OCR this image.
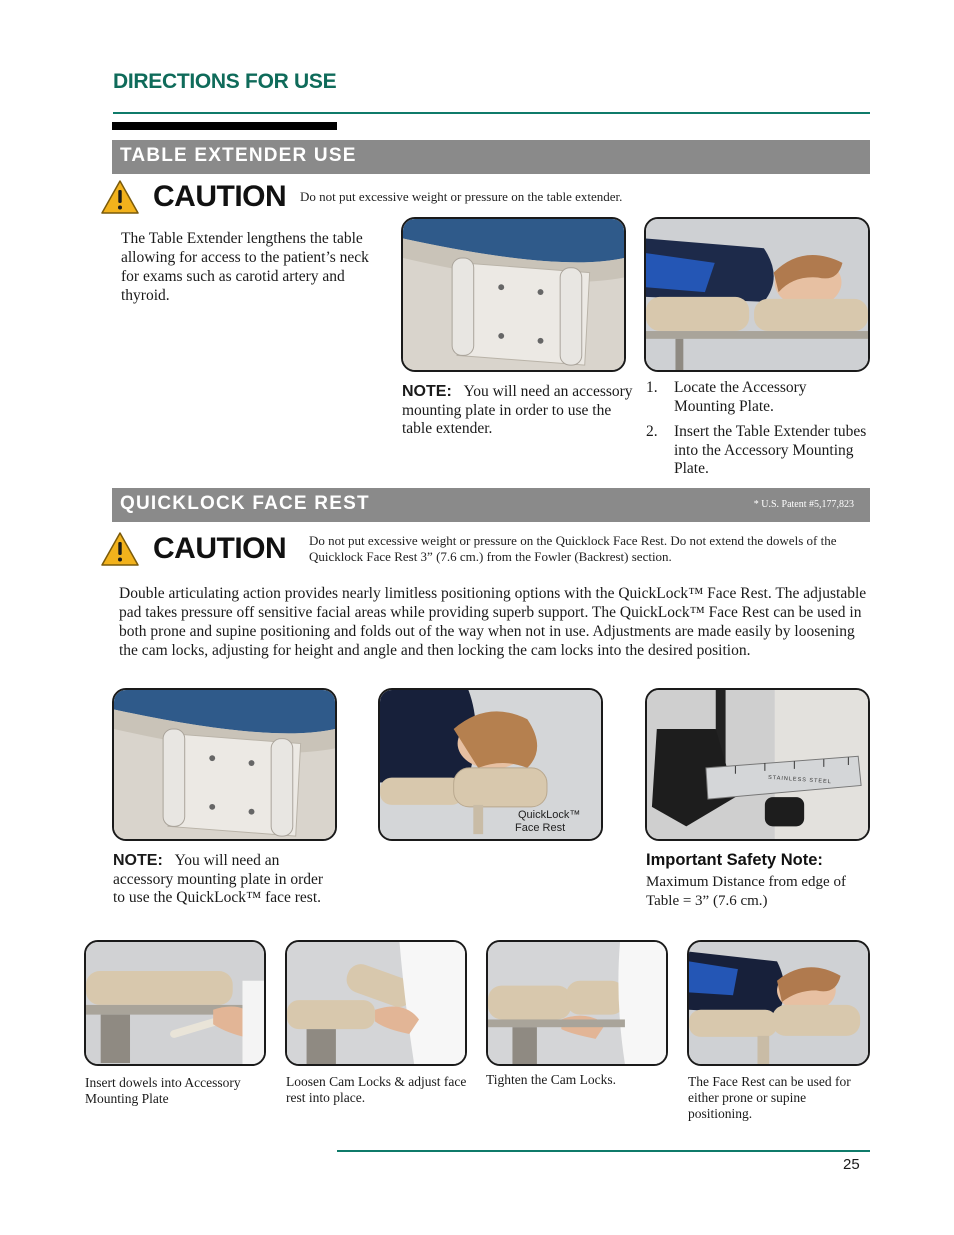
DIRECTIONS FOR USE
TABLE EXTENDER USE
CAUTION Do not put excessive weight or pressure on the table extender.
The Table Extender lengthens the table allowing for access to the patient’s neck for exams such as carotid artery and thyroid.
NOTE: You will need an accessory mounting plate in order to use the table extender.
1. Locate the Accessory Mounting Plate.
2. Insert the Table Extender tubes into the Accessory Mounting Plate.
QUICKLOCK FACE REST	* U.S. Patent #5,177,823
CAUTION Do not put excessive weight or pressure on the Quicklock Face Rest. Do not extend the dowels of the Quicklock Face Rest 3” (7.6 cm.) from the Fowler (Backrest) section.
Double articulating action provides nearly limitless positioning options with the QuickLock™ Face Rest. The adjustable pad takes pressure off sensitive facial areas while providing superb support. The QuickLock™ Face Rest can be used in both prone and supine positioning and folds out of the way when not in use. Adjustments are made easily by loosening the cam locks, adjusting for height and angle and then locking the cam locks into the desired position.
QuickLock™
Face Rest
STAINLESS STEEL
NOTE: You will need an accessory mounting plate in order to use the QuickLock™ face rest.
Important Safety Note:
Maximum Distance from edge of Table = 3” (7.6 cm.)
Insert dowels into Accessory Mounting Plate
Loosen Cam Locks & adjust face rest into place.
Tighten the Cam Locks.	The Face Rest can be used for either prone or supine positioning.
25
